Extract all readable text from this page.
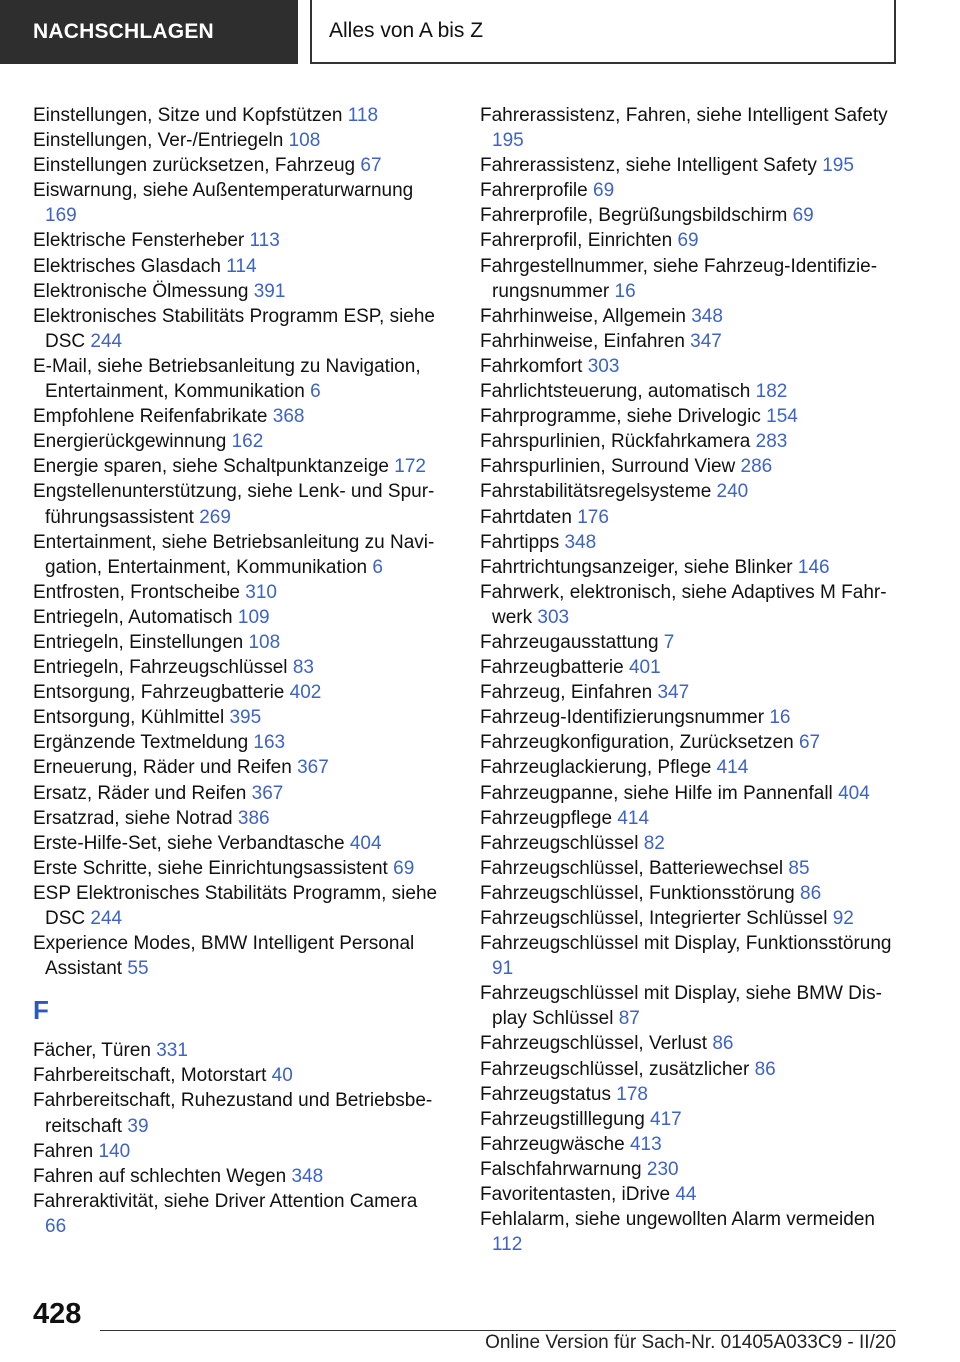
NACHSCHLAGEN	Alles von A bis Z
Einstellungen, Sitze und Kopfstützen 118
Einstellungen, Ver-/Entriegeln 108
Einstellungen zurücksetzen, Fahrzeug 67
Eiswarnung, siehe Außentemperaturwarnung 169
Elektrische Fensterheber 113
Elektrisches Glasdach 114
Elektronische Ölmessung 391
Elektronisches Stabilitäts Programm ESP, siehe DSC 244
E-Mail, siehe Betriebsanleitung zu Navigation, Entertainment, Kommunikation 6
Empfohlene Reifenfabrikate 368
Energierückgewinnung 162
Energie sparen, siehe Schaltpunktanzeige 172
Engstellenunterstützung, siehe Lenk- und Spurführungsassistent 269
Entertainment, siehe Betriebsanleitung zu Navigation, Entertainment, Kommunikation 6
Entfrosten, Frontscheibe 310
Entriegeln, Automatisch 109
Entriegeln, Einstellungen 108
Entriegeln, Fahrzeugschlüssel 83
Entsorgung, Fahrzeugbatterie 402
Entsorgung, Kühlmittel 395
Ergänzende Textmeldung 163
Erneuerung, Räder und Reifen 367
Ersatz, Räder und Reifen 367
Ersatzrad, siehe Notrad 386
Erste-Hilfe-Set, siehe Verbandtasche 404
Erste Schritte, siehe Einrichtungsassistent 69
ESP Elektronisches Stabilitäts Programm, siehe DSC 244
Experience Modes, BMW Intelligent Personal Assistant 55
F
Fächer, Türen 331
Fahrbereitschaft, Motorstart 40
Fahrbereitschaft, Ruhezustand und Betriebsbereitschaft 39
Fahren 140
Fahren auf schlechten Wegen 348
Fahreraktivität, siehe Driver Attention Camera 66
Fahrerassistenz, Fahren, siehe Intelligent Safety 195
Fahrerassistenz, siehe Intelligent Safety 195
Fahrerprofile 69
Fahrerprofile, Begrüßungsbildschirm 69
Fahrerprofil, Einrichten 69
Fahrgestellnummer, siehe Fahrzeug-Identifizierungsnummer 16
Fahrhinweise, Allgemein 348
Fahrhinweise, Einfahren 347
Fahrkomfort 303
Fahrlichtsteuerung, automatisch 182
Fahrprogramme, siehe Drivelogic 154
Fahrspurlinien, Rückfahrkamera 283
Fahrspurlinien, Surround View 286
Fahrstabilitätsregelsysteme 240
Fahrtdaten 176
Fahrtipps 348
Fahrtrichtungsanzeiger, siehe Blinker 146
Fahrwerk, elektronisch, siehe Adaptives M Fahrwerk 303
Fahrzeugausstattung 7
Fahrzeugbatterie 401
Fahrzeug, Einfahren 347
Fahrzeug-Identifizierungsnummer 16
Fahrzeugkonfiguration, Zurücksetzen 67
Fahrzeuglackierung, Pflege 414
Fahrzeugpanne, siehe Hilfe im Pannenfall 404
Fahrzeugpflege 414
Fahrzeugschlüssel 82
Fahrzeugschlüssel, Batteriewechsel 85
Fahrzeugschlüssel, Funktionsstörung 86
Fahrzeugschlüssel, Integrierter Schlüssel 92
Fahrzeugschlüssel mit Display, Funktionsstörung 91
Fahrzeugschlüssel mit Display, siehe BMW Display Schlüssel 87
Fahrzeugschlüssel, Verlust 86
Fahrzeugschlüssel, zusätzlicher 86
Fahrzeugstatus 178
Fahrzeugstilllegung 417
Fahrzeugwäsche 413
Falschfahrwarnung 230
Favoritentasten, iDrive 44
Fehlalarm, siehe ungewollten Alarm vermeiden 112
428
Online Version für Sach-Nr. 01405A033C9 - II/20
